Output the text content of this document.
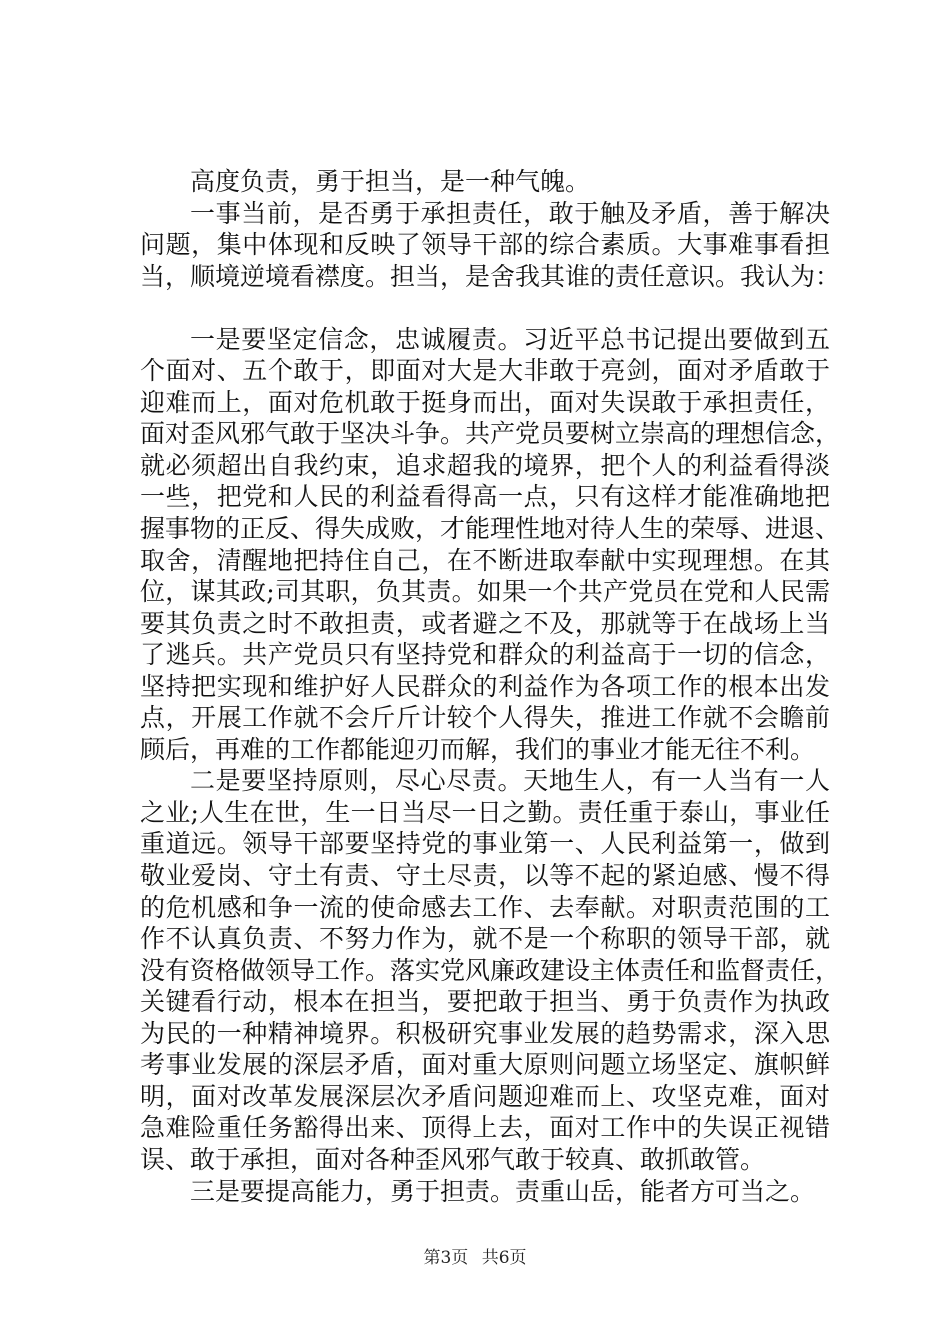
高度负责，勇于担当，是一种气魄。
一事当前，是否勇于承担责任，敢于触及矛盾，善于解决
问题，集中体现和反映了领导干部的综合素质。大事难事看担
当，顺境逆境看襟度。担当，是舍我其谁的责任意识。我认为：
一是要坚定信念，忠诚履责。习近平总书记提出要做到五
个面对、五个敢于，即面对大是大非敢于亮剑，面对矛盾敢于
迎难而上，面对危机敢于挺身而出，面对失误敢于承担责任，
面对歪风邪气敢于坚决斗争。共产党员要树立崇高的理想信念，
就必须超出自我约束，追求超我的境界，把个人的利益看得淡
一些，把党和人民的利益看得高一点，只有这样才能准确地把
握事物的正反、得失成败，才能理性地对待人生的荣辱、进退、
取舍，清醒地把持住自己，在不断进取奉献中实现理想。在其
位，谋其政;司其职，负其责。如果一个共产党员在党和人民需
要其负责之时不敢担责，或者避之不及，那就等于在战场上当
了逃兵。共产党员只有坚持党和群众的利益高于一切的信念，
坚持把实现和维护好人民群众的利益作为各项工作的根本出发
点，开展工作就不会斤斤计较个人得失，推进工作就不会瞻前
顾后，再难的工作都能迎刃而解，我们的事业才能无往不利。
二是要坚持原则，尽心尽责。天地生人，有一人当有一人
之业;人生在世，生一日当尽一日之勤。责任重于泰山，事业任
重道远。领导干部要坚持党的事业第一、人民利益第一，做到
敬业爱岗、守土有责、守土尽责，以等不起的紧迫感、慢不得
的危机感和争一流的使命感去工作、去奉献。对职责范围的工
作不认真负责、不努力作为，就不是一个称职的领导干部，就
没有资格做领导工作。落实党风廉政建设主体责任和监督责任，
关键看行动，根本在担当，要把敢于担当、勇于负责作为执政
为民的一种精神境界。积极研究事业发展的趋势需求，深入思
考事业发展的深层矛盾，面对重大原则问题立场坚定、旗帜鲜
明，面对改革发展深层次矛盾问题迎难而上、攻坚克难，面对
急难险重任务豁得出来、顶得上去，面对工作中的失误正视错
误、敢于承担，面对各种歪风邪气敢于较真、敢抓敢管。
三是要提高能力，勇于担责。责重山岳，能者方可当之。
第3页 共6页
